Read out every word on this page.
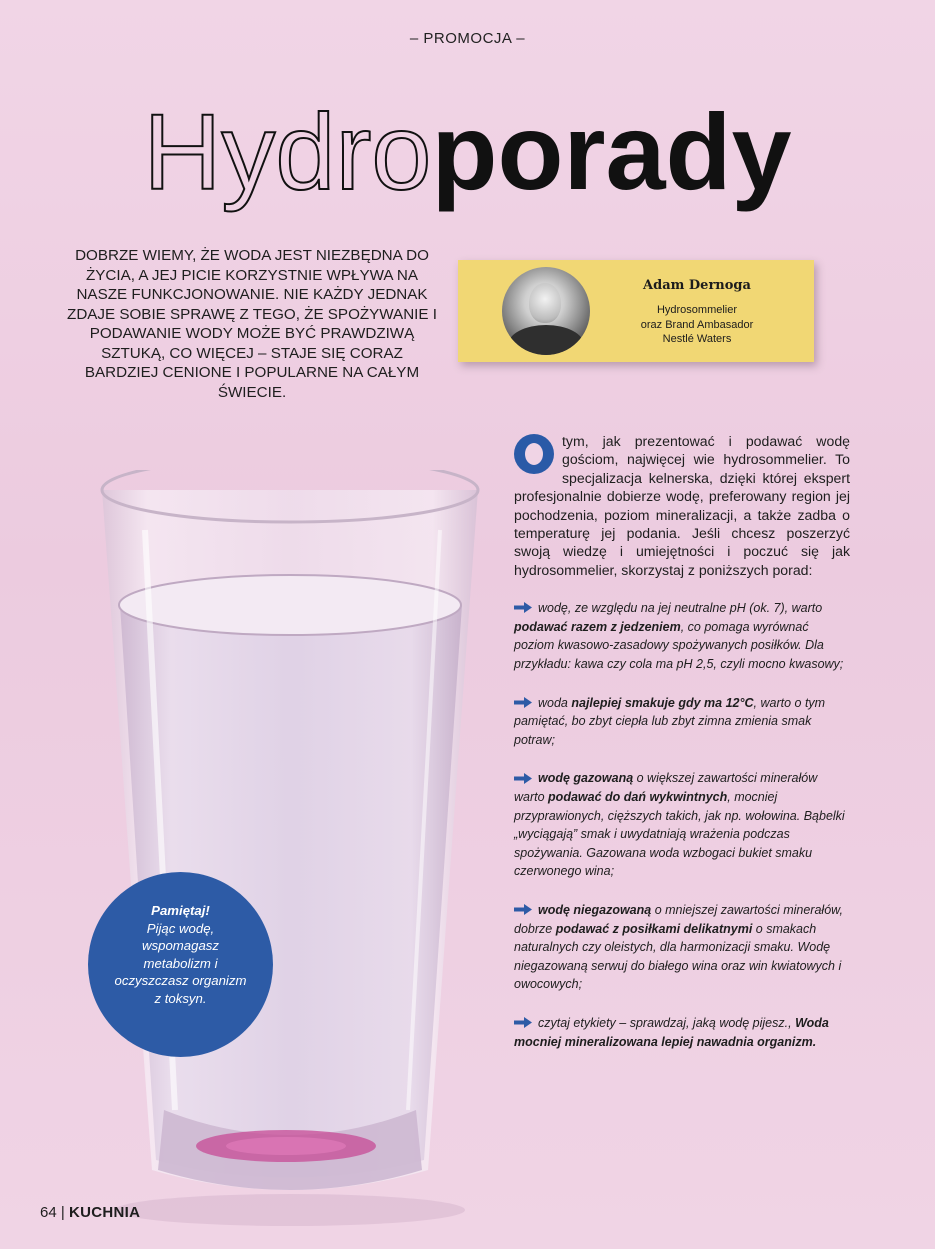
– PROMOCJA –
Hydroporady
DOBRZE WIEMY, ŻE WODA JEST NIEZBĘDNA DO ŻYCIA, A JEJ PICIE KORZYSTNIE WPŁYWA NA NASZE FUNKCJONOWANIE. NIE KAŻDY JEDNAK ZDAJE SOBIE SPRAWĘ Z TEGO, ŻE SPOŻYWANIE I PODAWANIE WODY MOŻE BYĆ PRAWDZIWĄ SZTUKĄ, CO WIĘCEJ – STAJE SIĘ CORAZ BARDZIEJ CENIONE I POPULARNE NA CAŁYM ŚWIECIE.
Adam Dernoga
Hydrosommelier
oraz Brand Ambasador
Nestlé Waters
tym, jak prezentować i podawać wodę gościom, najwięcej wie hydrosommelier. To specjalizacja kelnerska, dzięki której ekspert profesjonalnie dobierze wodę, preferowany region jej pochodzenia, poziom mineralizacji, a także zadba o temperaturę jej podania. Jeśli chcesz poszerzyć swoją wiedzę i umiejętności i poczuć się jak hydrosommelier, skorzystaj z poniższych porad:
wodę, ze względu na jej neutralne pH (ok. 7), warto podawać razem z jedzeniem, co pomaga wyrównać poziom kwasowo-zasadowy spożywanych posiłków. Dla przykładu: kawa czy cola ma pH 2,5, czyli mocno kwasowy;
woda najlepiej smakuje gdy ma 12°C, warto o tym pamiętać, bo zbyt ciepła lub zbyt zimna zmienia smak potraw;
wodę gazowaną o większej zawartości minerałów warto podawać do dań wykwintnych, mocniej przyprawionych, cięższych takich, jak np. wołowina. Bąbelki „wyciągają” smak i uwydatniają wrażenia podczas spożywania. Gazowana woda wzbogaci bukiet smaku czerwonego wina;
wodę niegazowaną o mniejszej zawartości minerałów, dobrze podawać z posiłkami delikatnymi o smakach naturalnych czy oleistych, dla harmonizacji smaku. Wodę niegazowaną serwuj do białego wina oraz win kwiatowych i owocowych;
czytaj etykiety – sprawdzaj, jaką wodę pijesz., Woda mocniej mineralizowana lepiej nawadnia organizm.
Pamiętaj!
Pijąc wodę, wspomagasz metabolizm i oczyszczasz organizm z toksyn.
64 | KUCHNIA
